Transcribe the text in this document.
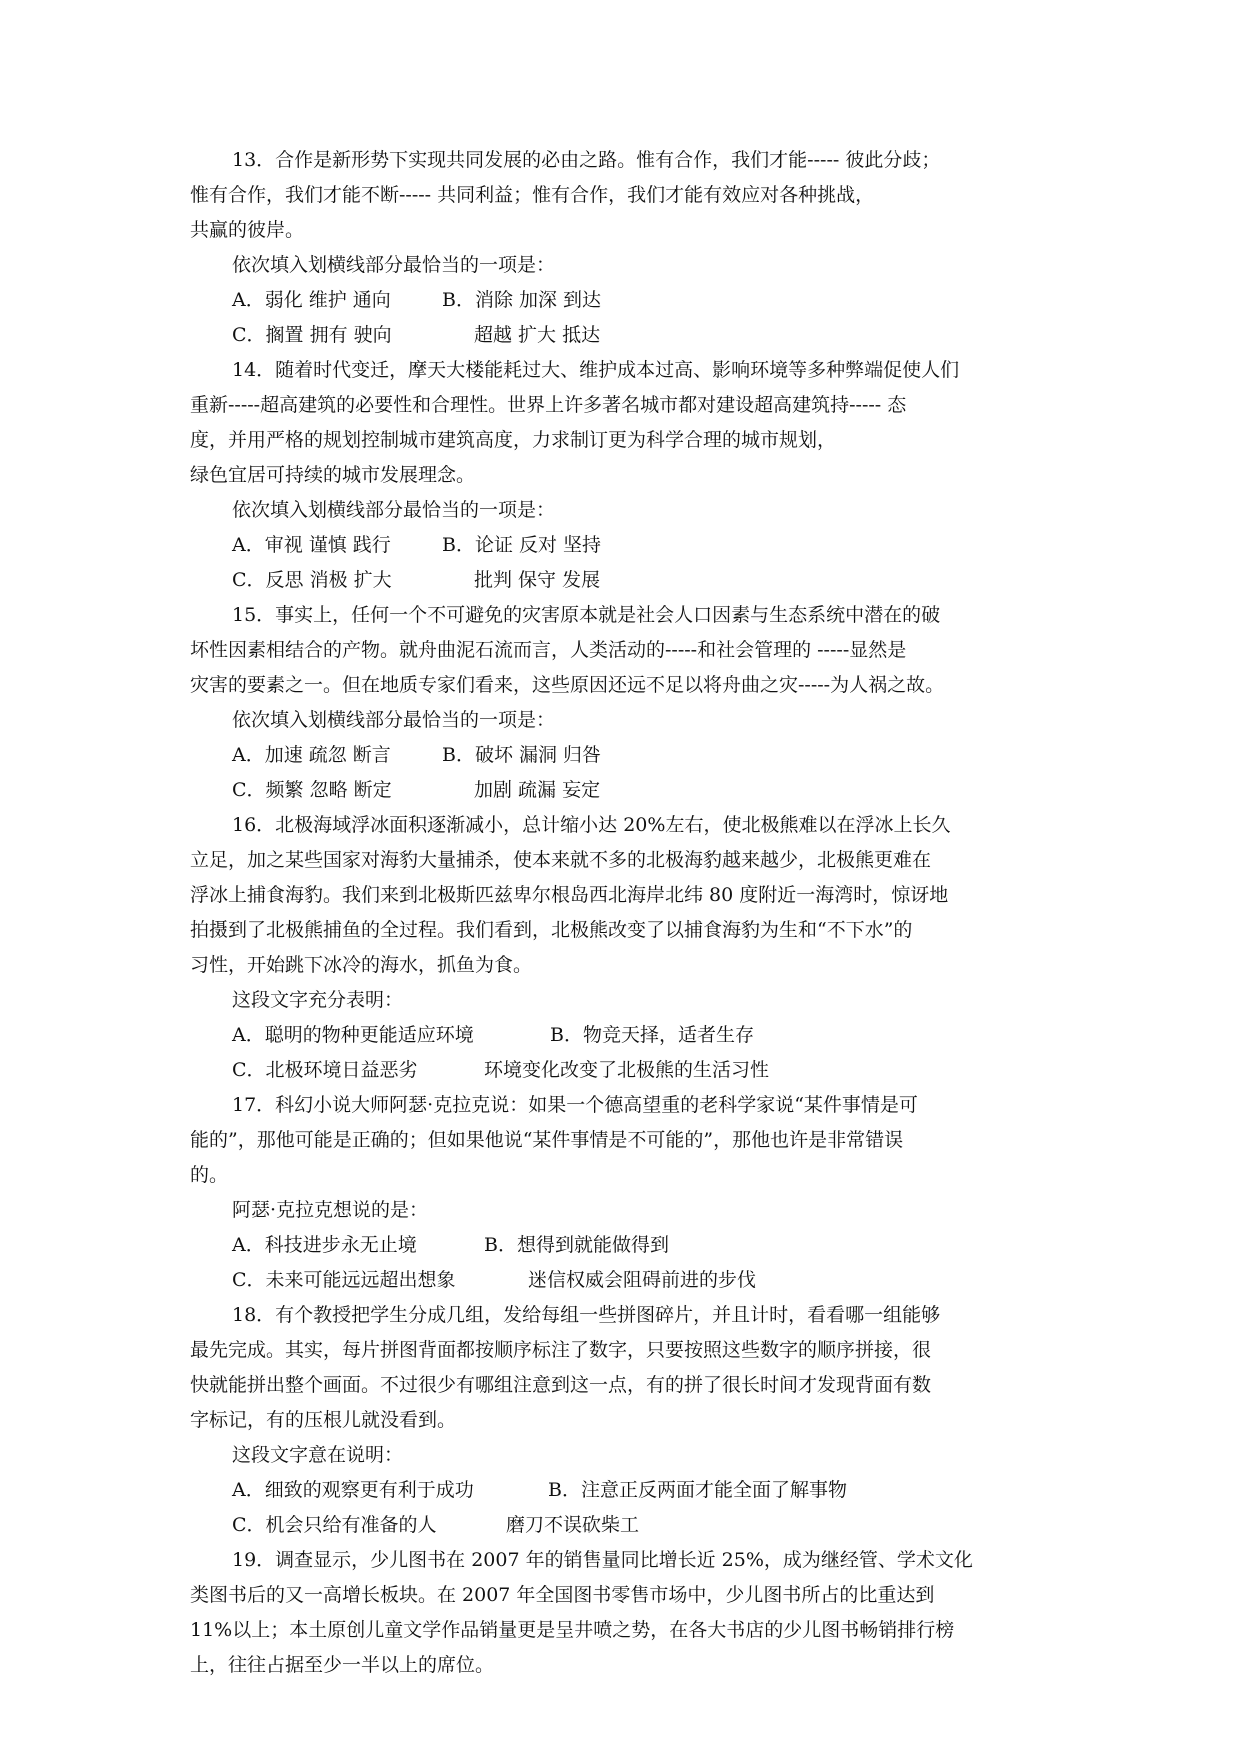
13．合作是新形势下实现共同发展的必由之路。惟有合作，我们才能----- 彼此分歧；
惟有合作，我们才能不断----- 共同利益；惟有合作，我们才能有效应对各种挑战，
共赢的彼岸。
依次填入划横线部分最恰当的一项是：
A．弱化 维护 通向	B．消除 加深 到达
C．搁置 拥有 驶向	超越 扩大 抵达
14．随着时代变迁，摩天大楼能耗过大、维护成本过高、影响环境等多种弊端促使人们
重新-----超高建筑的必要性和合理性。世界上许多著名城市都对建设超高建筑持----- 态
度，并用严格的规划控制城市建筑高度，力求制订更为科学合理的城市规划，
绿色宜居可持续的城市发展理念。
依次填入划横线部分最恰当的一项是：
A．审视 谨慎 践行	B．论证 反对 坚持
C．反思 消极 扩大	批判 保守 发展
15．事实上，任何一个不可避免的灾害原本就是社会人口因素与生态系统中潜在的破
坏性因素相结合的产物。就舟曲泥石流而言，人类活动的-----和社会管理的 -----显然是
灾害的要素之一。但在地质专家们看来，这些原因还远不足以将舟曲之灾-----为人祸之故。
依次填入划横线部分最恰当的一项是：
A．加速 疏忽 断言	B．破坏 漏洞 归咎
C．频繁 忽略 断定	加剧 疏漏 妄定
16．北极海域浮冰面积逐渐减小，总计缩小达 20%左右，使北极熊难以在浮冰上长久
立足，加之某些国家对海豹大量捕杀，使本来就不多的北极海豹越来越少，北极熊更难在
浮冰上捕食海豹。我们来到北极斯匹兹卑尔根岛西北海岸北纬 80 度附近一海湾时，惊讶地
拍摄到了北极熊捕鱼的全过程。我们看到，北极熊改变了以捕食海豹为生和“不下水”的
习性，开始跳下冰冷的海水，抓鱼为食。
这段文字充分表明：
A．聪明的物种更能适应环境	B．物竞天择，适者生存
C．北极环境日益恶劣	环境变化改变了北极熊的生活习性
17．科幻小说大师阿瑟·克拉克说：如果一个德高望重的老科学家说“某件事情是可
能的”，那他可能是正确的；但如果他说“某件事情是不可能的”，那他也许是非常错误
的。
阿瑟·克拉克想说的是：
A．科技进步永无止境	B．想得到就能做得到
C．未来可能远远超出想象	迷信权威会阻碍前进的步伐
18．有个教授把学生分成几组，发给每组一些拼图碎片，并且计时，看看哪一组能够
最先完成。其实，每片拼图背面都按顺序标注了数字，只要按照这些数字的顺序拼接，很
快就能拼出整个画面。不过很少有哪组注意到这一点，有的拼了很长时间才发现背面有数
字标记，有的压根儿就没看到。
这段文字意在说明：
A．细致的观察更有利于成功	B．注意正反两面才能全面了解事物
C．机会只给有准备的人	磨刀不误砍柴工
19．调查显示，少儿图书在 2007 年的销售量同比增长近 25%，成为继经管、学术文化
类图书后的又一高增长板块。在 2007 年全国图书零售市场中，少儿图书所占的比重达到
11%以上；本土原创儿童文学作品销量更是呈井喷之势，在各大书店的少儿图书畅销排行榜
上，往往占据至少一半以上的席位。
